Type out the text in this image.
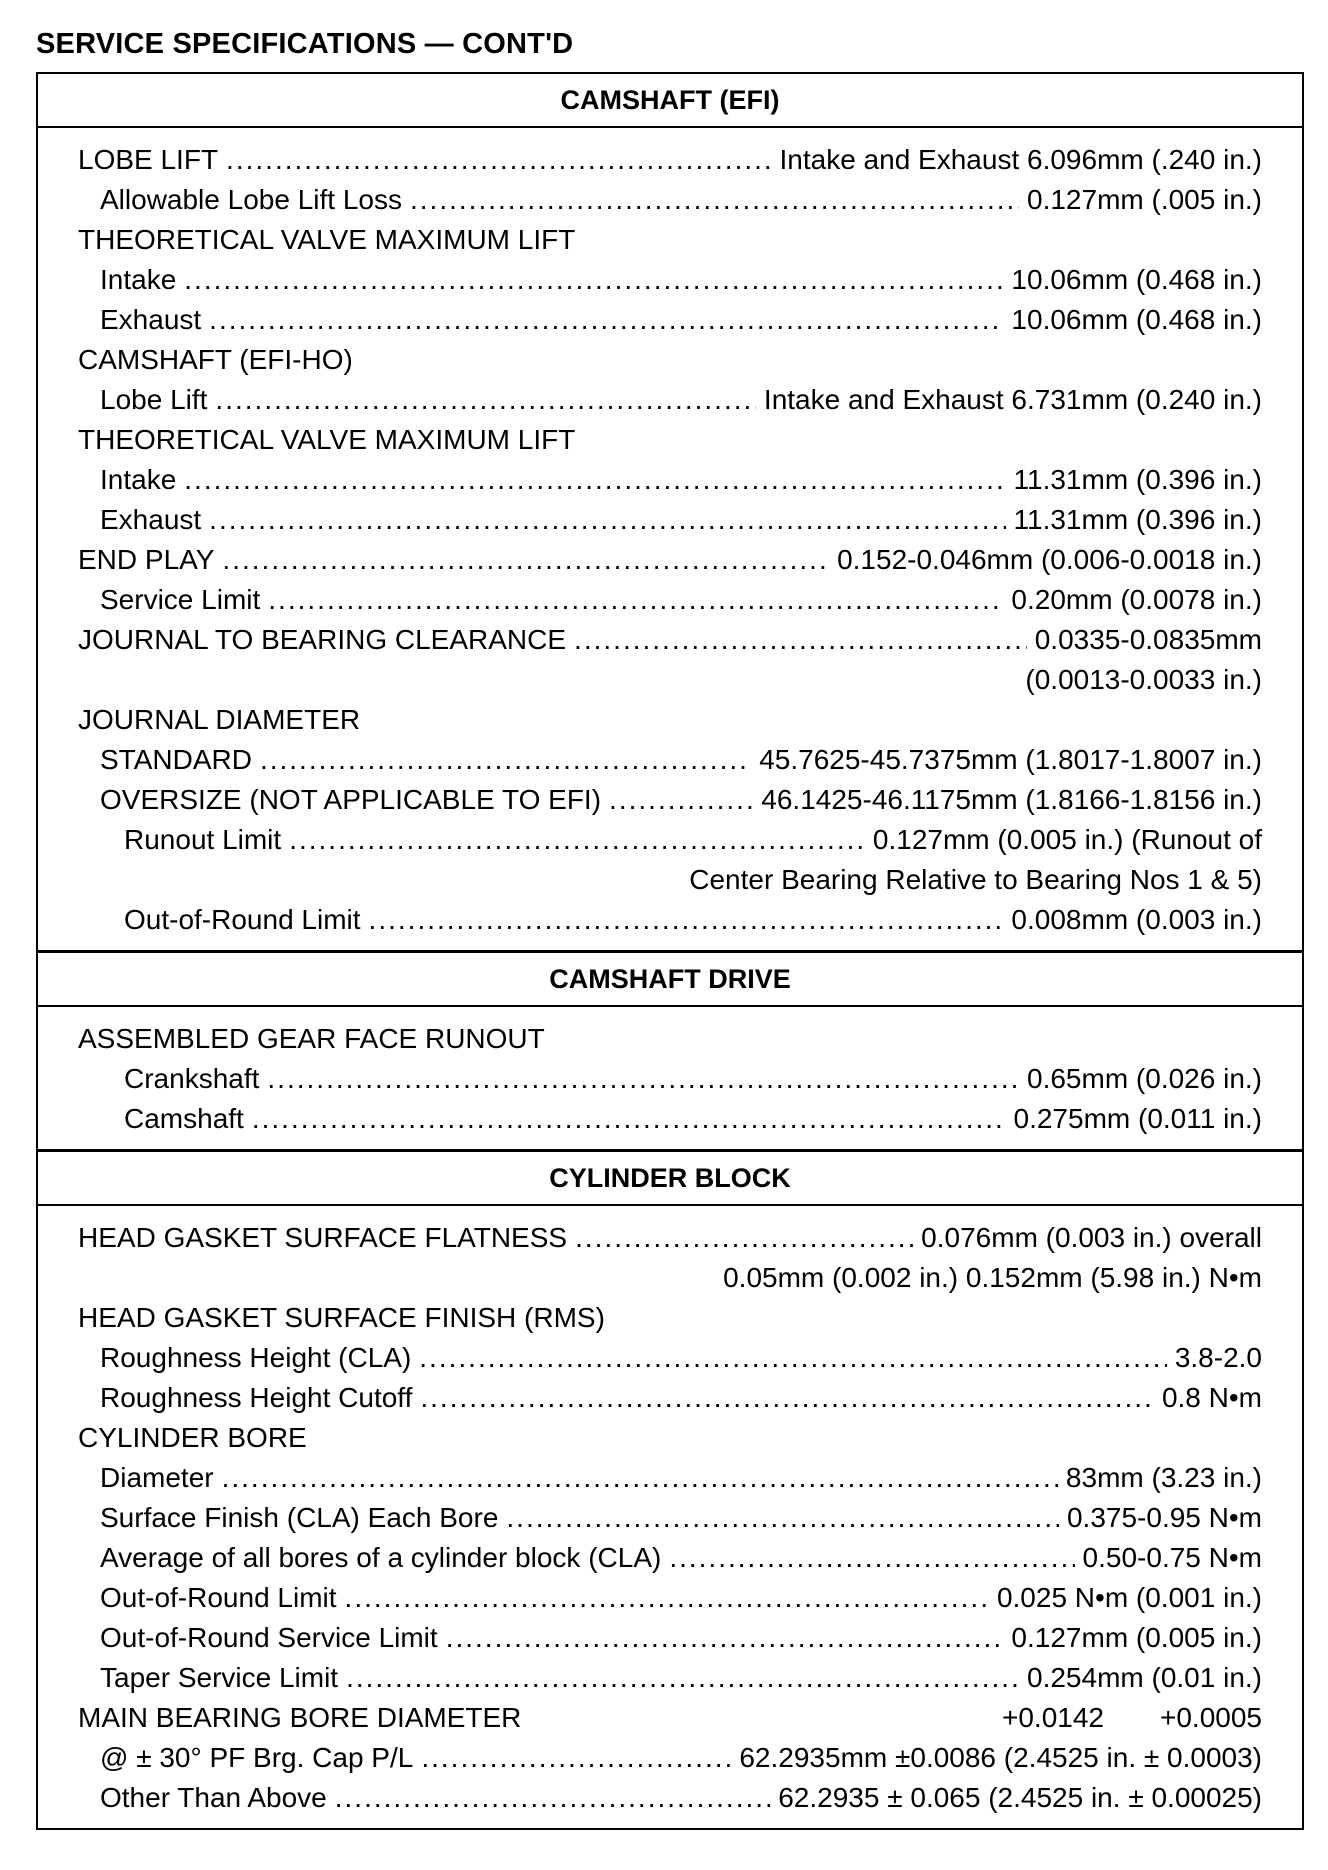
SERVICE SPECIFICATIONS — CONT'D
CAMSHAFT (EFI)
LOBE LIFT .....	Intake and Exhaust 6.096mm (.240 in.)
Allowable Lobe Lift Loss .....	0.127mm (.005 in.)
THEORETICAL VALVE MAXIMUM LIFT
Intake .....	10.06mm (0.468 in.)
Exhaust .....	10.06mm (0.468 in.)
CAMSHAFT (EFI-HO)
Lobe Lift .....	Intake and Exhaust 6.731mm (0.240 in.)
THEORETICAL VALVE MAXIMUM LIFT
Intake .....	11.31mm (0.396 in.)
Exhaust .....	11.31mm (0.396 in.)
END PLAY .....	0.152-0.046mm (0.006-0.0018 in.)
Service Limit .....	0.20mm (0.0078 in.)
JOURNAL TO BEARING CLEARANCE .....	0.0335-0.0835mm
(0.0013-0.0033 in.)
JOURNAL DIAMETER
STANDARD .....	45.7625-45.7375mm (1.8017-1.8007 in.)
OVERSIZE (NOT APPLICABLE TO EFI) .....	46.1425-46.1175mm (1.8166-1.8156 in.)
Runout Limit .....	0.127mm (0.005 in.) (Runout of
Center Bearing Relative to Bearing Nos 1 & 5)
Out-of-Round Limit .....	0.008mm (0.003 in.)
CAMSHAFT DRIVE
ASSEMBLED GEAR FACE RUNOUT
Crankshaft .....	0.65mm (0.026 in.)
Camshaft .....	0.275mm (0.011 in.)
CYLINDER BLOCK
HEAD GASKET SURFACE FLATNESS .....	0.076mm (0.003 in.) overall
0.05mm (0.002 in.) 0.152mm (5.98 in.) N•m
HEAD GASKET SURFACE FINISH (RMS)
Roughness Height (CLA) .....	3.8-2.0
Roughness Height Cutoff .....	0.8 N•m
CYLINDER BORE
Diameter .....	83mm (3.23 in.)
Surface Finish (CLA) Each Bore .....	0.375-0.95 N•m
Average of all bores of a cylinder block (CLA) .....	0.50-0.75 N•m
Out-of-Round Limit .....	0.025 N•m (0.001 in.)
Out-of-Round Service Limit .....	0.127mm (0.005 in.)
Taper Service Limit .....	0.254mm (0.01 in.)
MAIN BEARING BORE DIAMETER	+0.0142 +0.0005
@ ± 30° PF Brg. Cap P/L .....	62.2935mm ±0.0086 (2.4525 in. ± 0.0003)
Other Than Above .....	62.2935 ± 0.065 (2.4525 in. ± 0.00025)
